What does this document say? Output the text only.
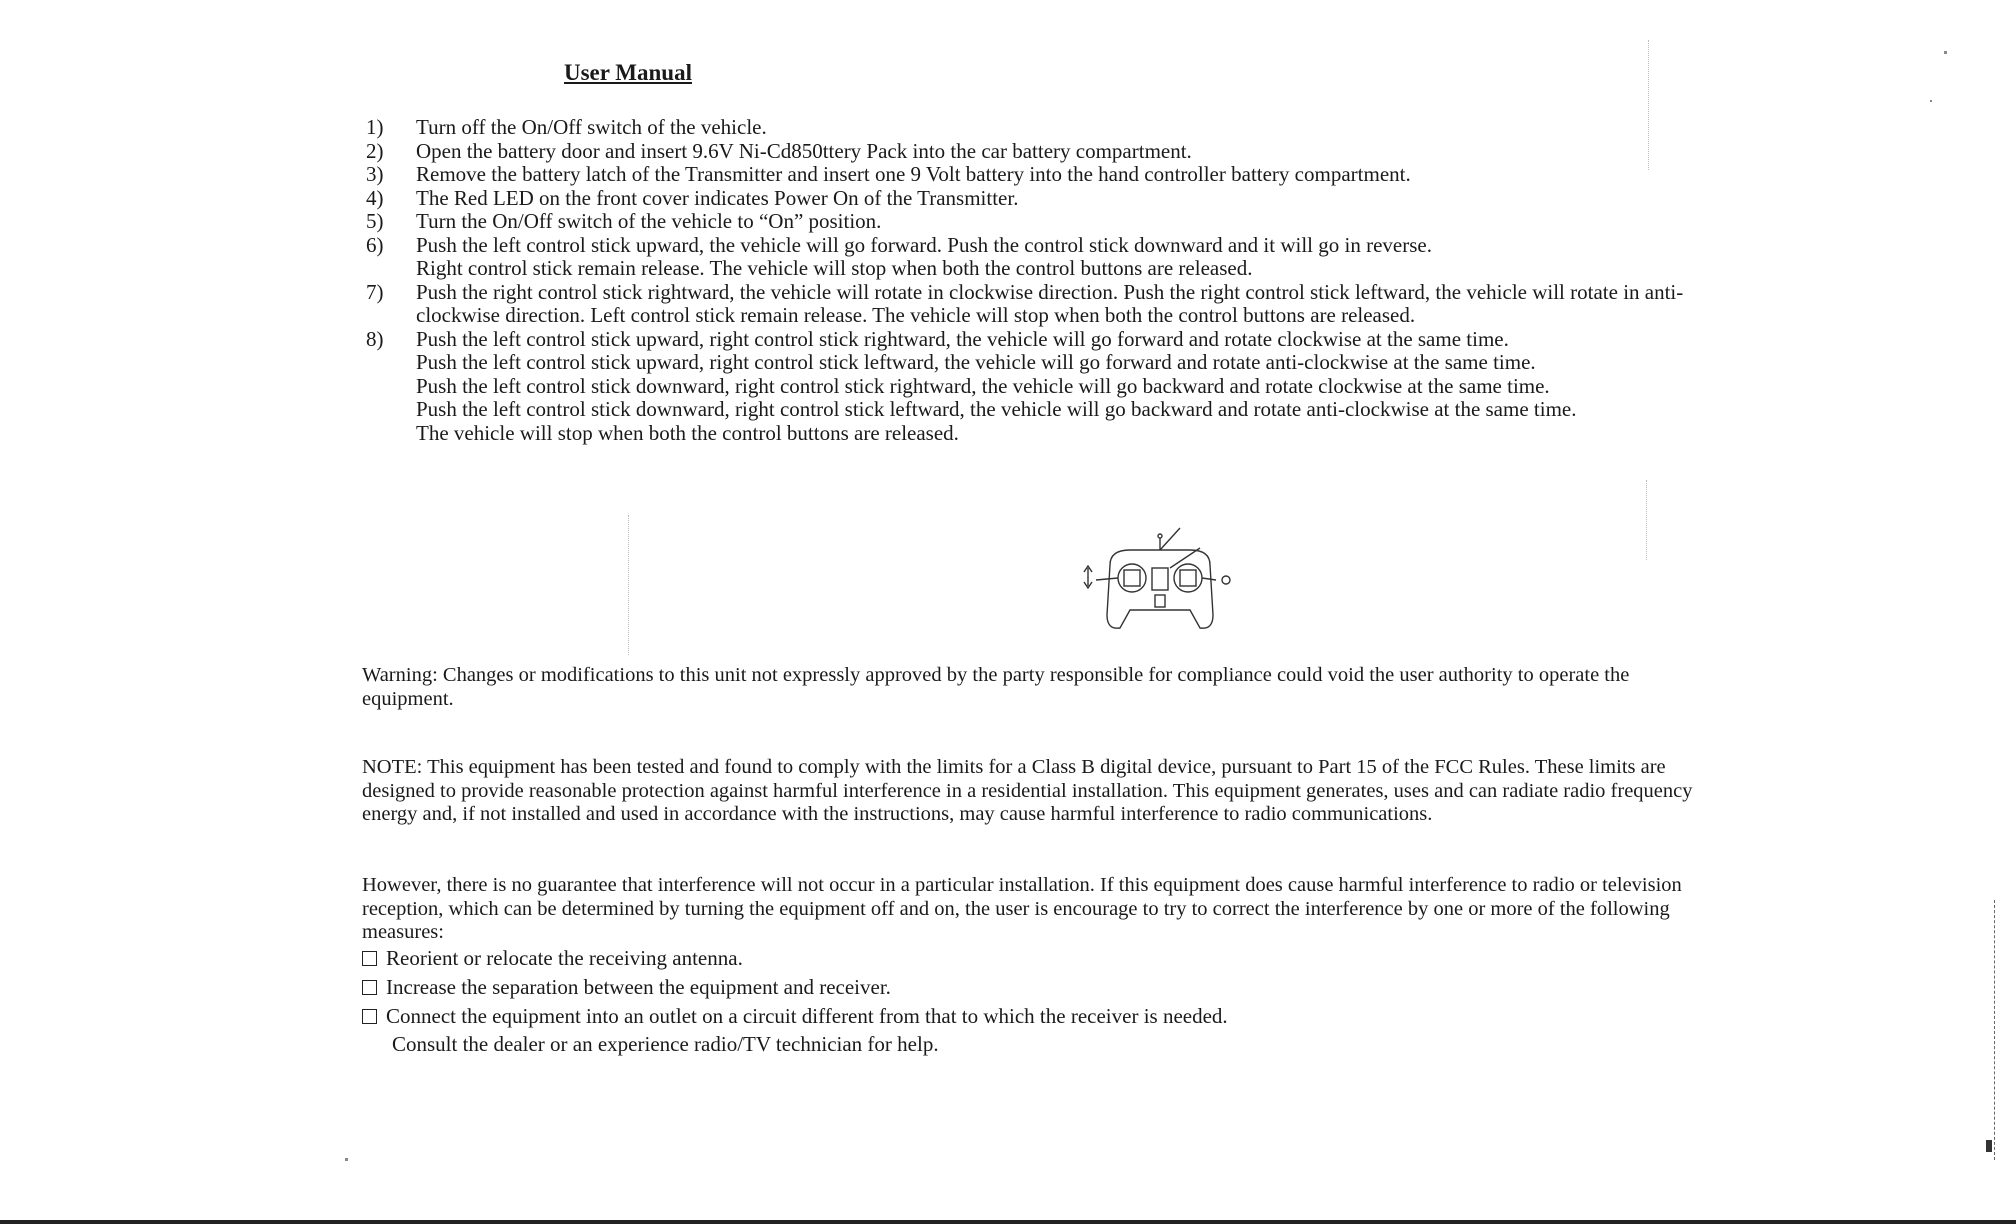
User Manual
1)	Turn off the On/Off switch of the vehicle.
2)	Open the battery door and insert 9.6V Ni-Cd850ttery Pack into the car battery compartment.
3)	Remove the battery latch of the Transmitter and insert one 9 Volt battery into the hand controller battery compartment.
4)	The Red LED on the front cover indicates Power On of the Transmitter.
5)	Turn the On/Off switch of the vehicle to “On” position.
6)	Push the left control stick upward, the vehicle will go forward. Push the control stick downward and it will go in reverse.
Right control stick remain release. The vehicle will stop when both the control buttons are released.
7)	Push the right control stick rightward, the vehicle will rotate in clockwise direction. Push the right control stick leftward, the vehicle will rotate in anti-
clockwise direction. Left control stick remain release. The vehicle will stop when both the control buttons are released.
8)	Push the left control stick upward, right control stick rightward, the vehicle will go forward and rotate clockwise at the same time.
Push the left control stick upward, right control stick leftward, the vehicle will go forward and rotate anti-clockwise at the same time.
Push the left control stick downward, right control stick rightward, the vehicle will go backward and rotate clockwise at the same time.
Push the left control stick downward, right control stick leftward, the vehicle will go backward and rotate anti-clockwise at the same time.
The vehicle will stop when both the control buttons are released.
Warning: Changes or modifications to this unit not expressly approved by the party responsible for compliance could void the user authority to operate the
equipment.
NOTE: This equipment has been tested and found to comply with the limits for a Class B digital device, pursuant to Part 15 of the FCC Rules. These limits are
designed to provide reasonable protection against harmful interference in a residential installation. This equipment generates, uses and can radiate radio frequency
energy and, if not installed and used in accordance with the instructions, may cause harmful interference to radio communications.
However, there is no guarantee that interference will not occur in a particular installation. If this equipment does cause harmful interference to radio or television
reception, which can be determined by turning the equipment off and on, the user is encourage to try to correct the interference by one or more of the following
measures:
Reorient or relocate the receiving antenna.
Increase the separation between the equipment and receiver.
Connect the equipment into an outlet on a circuit different from that to which the receiver is needed.
Consult the dealer or an experience radio/TV technician for help.
